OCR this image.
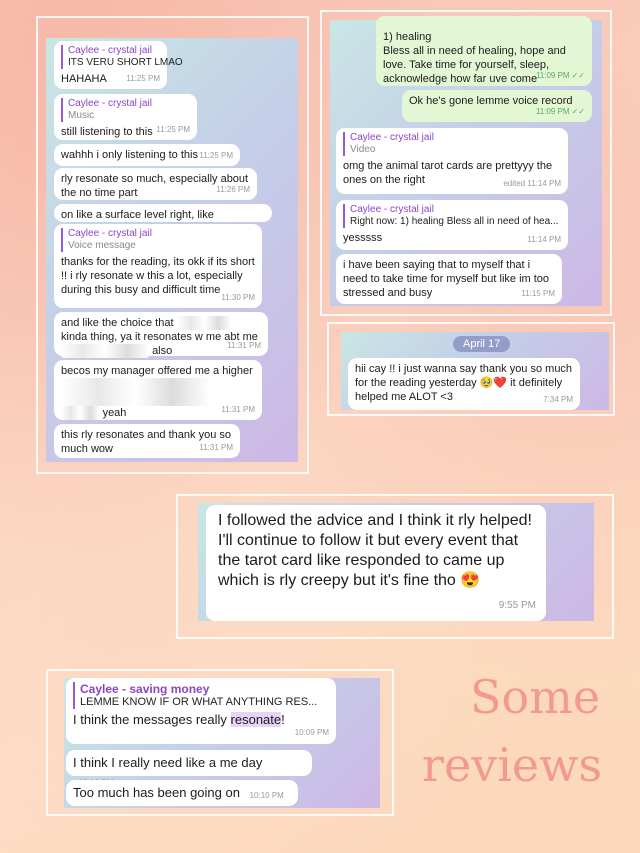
Caylee - crystal jail
ITS VERU SHORT LMAO
HAHAHA 11:25 PM
Caylee - crystal jail
Music
still listening to this 11:25 PM
wahhh i only listening to this 11:25 PM
rly resonate so much, especially about the no time part	11:26 PM
on like a surface level right, like
Caylee - crystal jail
Voice message
thanks for the reading, its okk if its short !! i rly resonate w this a lot, especially during this busy and difficult time
11:30 PM
and like the choice that
kinda thing, ya it resonates w me abt me
also	11:31 PM
becos my manager offered me a higher

yeah	11:31 PM
this rly resonates and thank you so much wow	11:31 PM

1) healing
Bless all in need of healing, hope and love. Take time for yourself, sleep, acknowledge how far uve come

11:09 PM ✓✓

Ok he's gone lemme voice record
11:09 PM ✓✓
Caylee - crystal jail
Video
omg the animal tarot cards are prettyyy the ones on the right	edited 11:14 PM
Caylee - crystal jail
Right now: 1) healing Bless all in need of hea...
yesssss	11:14 PM
i have been saying that to myself that i need to take time for myself but like im too stressed and busy	11:15 PM
April 17
hii cay !! i just wanna say thank you so much for the reading yesterday 🥹❤️ it definitely helped me ALOT <3	7:34 PM
I followed the advice and I think it rly helped! I'll continue to follow it but every event that the tarot card like responded to came up which is rly creepy but it's fine tho 😍
9:55 PM
Caylee - saving money
LEMME KNOW IF OR WHAT ANYTHING RES...
I think the messages really resonate!
10:09 PM
I think I really need like a me day
Too much has been going on 10:10 PM
Some
reviews
